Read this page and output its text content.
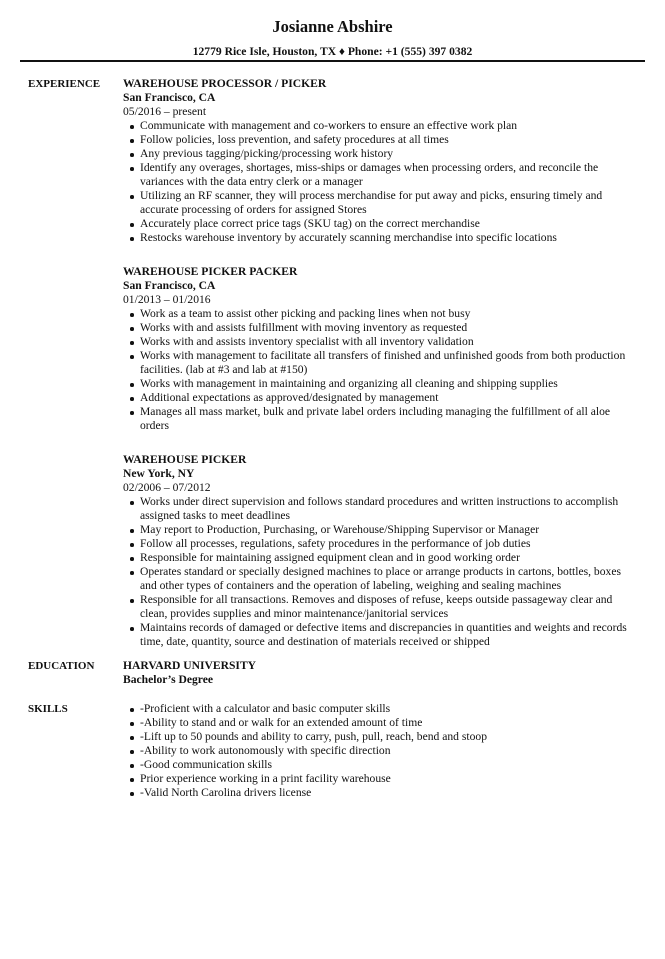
Josianne Abshire
12779 Rice Isle, Houston, TX ♦ Phone: +1 (555) 397 0382
EXPERIENCE WAREHOUSE PROCESSOR / PICKER
San Francisco, CA
05/2016 – present
Communicate with management and co-workers to ensure an effective work plan
Follow policies, loss prevention, and safety procedures at all times
Any previous tagging/picking/processing work history
Identify any overages, shortages, miss-ships or damages when processing orders, and reconcile the variances with the data entry clerk or a manager
Utilizing an RF scanner, they will process merchandise for put away and picks, ensuring timely and accurate processing of orders for assigned Stores
Accurately place correct price tags (SKU tag) on the correct merchandise
Restocks warehouse inventory by accurately scanning merchandise into specific locations
WAREHOUSE PICKER PACKER
San Francisco, CA
01/2013 – 01/2016
Work as a team to assist other picking and packing lines when not busy
Works with and assists fulfillment with moving inventory as requested
Works with and assists inventory specialist with all inventory validation
Works with management to facilitate all transfers of finished and unfinished goods from both production facilities. (lab at #3 and lab at #150)
Works with management in maintaining and organizing all cleaning and shipping supplies
Additional expectations as approved/designated by management
Manages all mass market, bulk and private label orders including managing the fulfillment of all aloe orders
WAREHOUSE PICKER
New York, NY
02/2006 – 07/2012
Works under direct supervision and follows standard procedures and written instructions to accomplish assigned tasks to meet deadlines
May report to Production, Purchasing, or Warehouse/Shipping Supervisor or Manager
Follow all processes, regulations, safety procedures in the performance of job duties
Responsible for maintaining assigned equipment clean and in good working order
Operates standard or specially designed machines to place or arrange products in cartons, bottles, boxes and other types of containers and the operation of labeling, weighing and sealing machines
Responsible for all transactions. Removes and disposes of refuse, keeps outside passageway clear and clean, provides supplies and minor maintenance/janitorial services
Maintains records of damaged or defective items and discrepancies in quantities and weights and records time, date, quantity, source and destination of materials received or shipped
EDUCATION HARVARD UNIVERSITY
Bachelor’s Degree
SKILLS	-Proficient with a calculator and basic computer skills
-Ability to stand and or walk for an extended amount of time
-Lift up to 50 pounds and ability to carry, push, pull, reach, bend and stoop
-Ability to work autonomously with specific direction
-Good communication skills
Prior experience working in a print facility warehouse
-Valid North Carolina drivers license
